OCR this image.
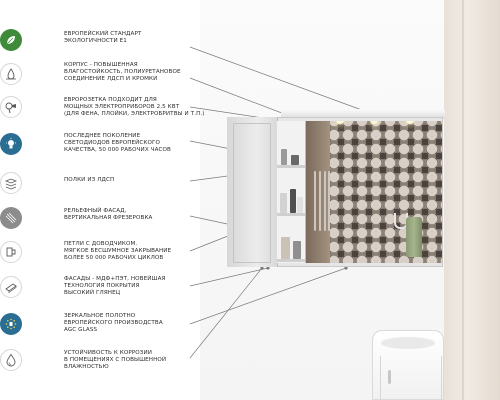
ЕВРОПЕЙСКИЙ СТАНДАРТ
ЭКОЛОГИЧНОСТИ E1
КОРПУС - ПОВЫШЕННАЯ
ВЛАГОСТОЙКОСТЬ, ПОЛИУРЕТАНОВОЕ
СОЕДИНЕНИЕ ЛДСП И КРОМКИ
ЕВРОРОЗЕТКА ПОДХОДИТ ДЛЯ
МОЩНЫХ ЭЛЕКТРОПРИБОРОВ 2,5 КВТ
(ДЛЯ ФЕНА, ПЛОЙКИ, ЭЛЕКТРОБРИТВЫ И Т.П.)
ПОСЛЕДНЕЕ ПОКОЛЕНИЕ
СВЕТОДИОДОВ ЕВРОПЕЙСКОГО
КАЧЕСТВА, 50 000 РАБОЧИХ ЧАСОВ
ПОЛКИ ИЗ ЛДСП
РЕЛЬЕФНЫЙ ФАСАД,
ВЕРТИКАЛЬНАЯ ФРЕЗЕРОВКА
ПЕТЛИ С ДОВОДЧИКОМ.
МЯГКОЕ БЕСШУМНОЕ ЗАКРЫВАНИЕ
БОЛЕЕ 50 000 РАБОЧИХ ЦИКЛОВ
ФАСАДЫ - МДФ+ПЭТ, НОВЕЙШАЯ
ТЕХНОЛОГИЯ ПОКРЫТИЯ
ВЫСОКИЙ ГЛЯНЕЦ
ЗЕРКАЛЬНОЕ ПОЛОТНО
ЕВРОПЕЙСКОГО ПРОИЗВОДСТВА
AGC GLASS
УСТОЙЧИВОСТЬ К КОРРОЗИИ
В ПОМЕЩЕНИЯХ С ПОВЫШЕННОЙ
ВЛАЖНОСТЬЮ
